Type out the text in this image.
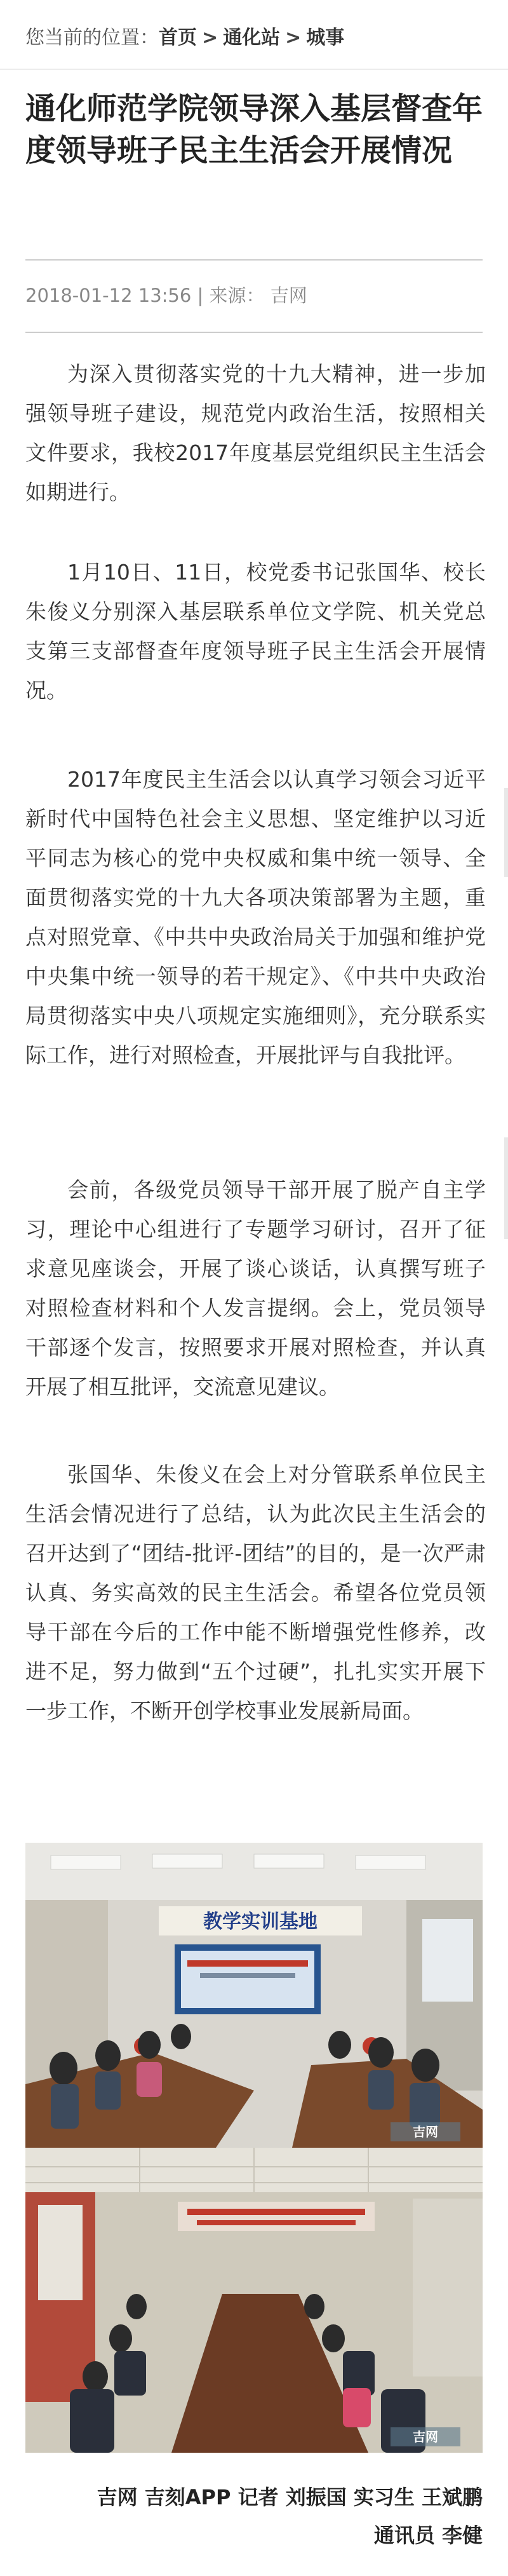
您当前的位置：首页 > 通化站 > 城事
通化师范学院领导深入基层督查年度领导班子民主生活会开展情况
2018-01-12 13:56 | 来源： 吉网

为深入贯彻落实党的十九大精神，进一步加强领导班子建设，规范党内政治生活，按照相关文件要求，我校2017年度基层党组织民主生活会如期进行。

1月10日、11日，校党委书记张国华、校长朱俊义分别深入基层联系单位文学院、机关党总支第三支部督查年度领导班子民主生活会开展情况。

2017年度民主生活会以认真学习领会习近平新时代中国特色社会主义思想、坚定维护以习近平同志为核心的党中央权威和集中统一领导、全面贯彻落实党的十九大各项决策部署为主题，重点对照党章、《中共中央政治局关于加强和维护党中央集中统一领导的若干规定》、《中共中央政治局贯彻落实中央八项规定实施细则》，充分联系实际工作，进行对照检查，开展批评与自我批评。

会前，各级党员领导干部开展了脱产自主学习，理论中心组进行了专题学习研讨，召开了征求意见座谈会，开展了谈心谈话，认真撰写班子对照检查材料和个人发言提纲。会上，党员领导干部逐个发言，按照要求开展对照检查，并认真开展了相互批评，交流意见建议。

张国华、朱俊义在会上对分管联系单位民主生活会情况进行了总结，认为此次民主生活会的召开达到了“团结-批评-团结”的目的，是一次严肃认真、务实高效的民主生活会。希望各位党员领导干部在今后的工作中能不断增强党性修养，改进不足，努力做到“五个过硬”，扎扎实实开展下一步工作，不断开创学校事业发展新局面。

教学实训基地
吉网
吉网
吉网 吉刻APP 记者 刘振国 实习生 王斌鹏
通讯员 李健
